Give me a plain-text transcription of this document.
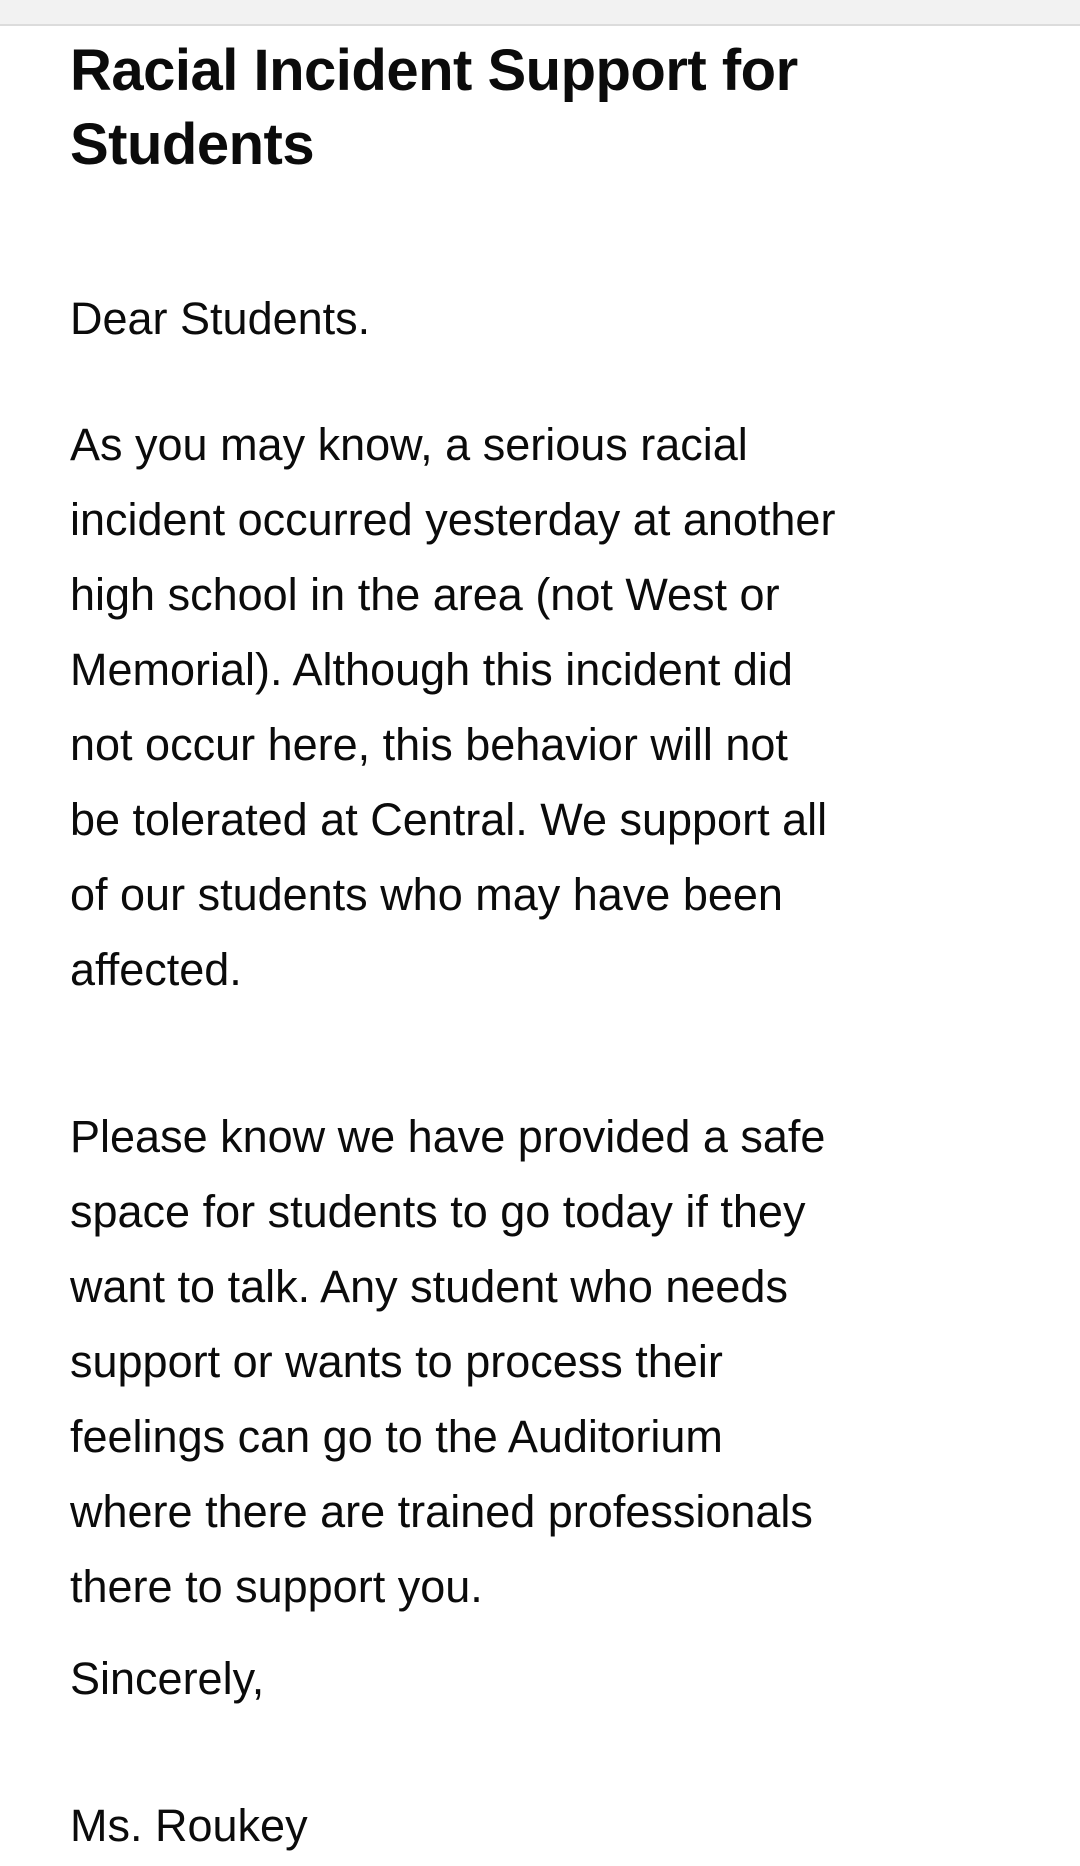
Racial Incident Support for
Students

Dear Students.

As you may know, a serious racial
incident occurred yesterday at another
high school in the area (not West or
Memorial). Although this incident did
not occur here, this behavior will not
be tolerated at Central. We support all
of our students who may have been
affected.

Please know we have provided a safe
space for students to go today if they
want to talk. Any student who needs
support or wants to process their
feelings can go to the Auditorium
where there are trained professionals
there to support you.

Sincerely,

Ms. Roukey
